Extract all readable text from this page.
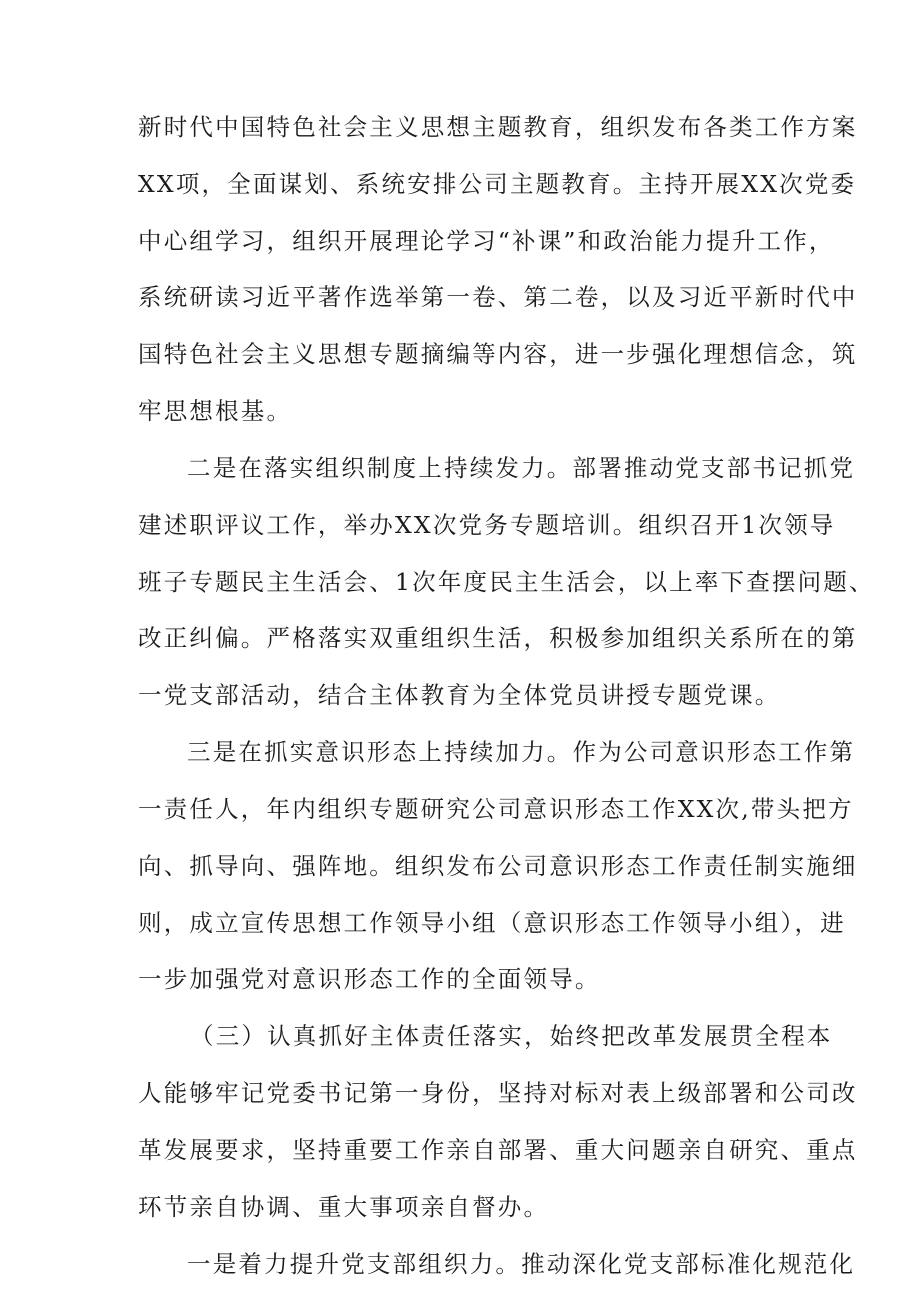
新时代中国特色社会主义思想主题教育，组织发布各类工作方案
XX项，全面谋划、系统安排公司主题教育。主持开展XX次党委
中心组学习，组织开展理论学习“补课”和政治能力提升工作，
系统研读习近平著作选举第一卷、第二卷，以及习近平新时代中
国特色社会主义思想专题摘编等内容，进一步强化理想信念，筑
牢思想根基。
二是在落实组织制度上持续发力。部署推动党支部书记抓党
建述职评议工作，举办XX次党务专题培训。组织召开1次领导
班子专题民主生活会、1次年度民主生活会，以上率下查摆问题、
改正纠偏。严格落实双重组织生活，积极参加组织关系所在的第
一党支部活动，结合主体教育为全体党员讲授专题党课。
三是在抓实意识形态上持续加力。作为公司意识形态工作第
一责任人，年内组织专题研究公司意识形态工作XX次,带头把方
向、抓导向、强阵地。组织发布公司意识形态工作责任制实施细
则，成立宣传思想工作领导小组（意识形态工作领导小组），进
一步加强党对意识形态工作的全面领导。
（三）认真抓好主体责任落实，始终把改革发展贯全程本
人能够牢记党委书记第一身份，坚持对标对表上级部署和公司改
革发展要求，坚持重要工作亲自部署、重大问题亲自研究、重点
环节亲自协调、重大事项亲自督办。
一是着力提升党支部组织力。推动深化党支部标准化规范化
